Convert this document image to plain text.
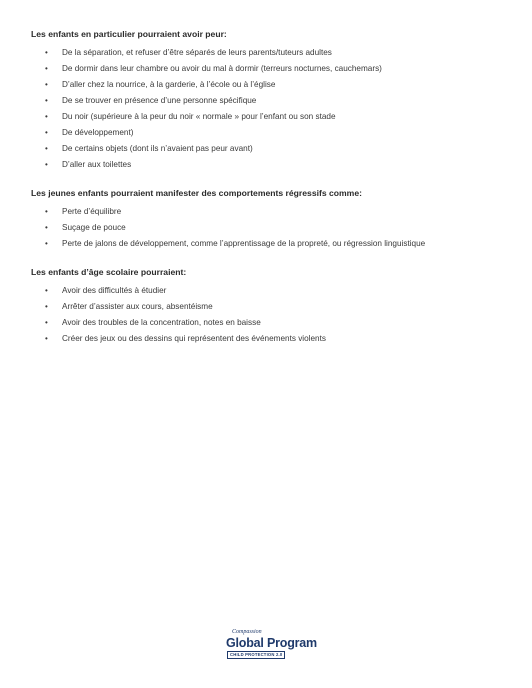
Les enfants en particulier pourraient avoir peur:
• De la séparation, et refuser d’être séparés de leurs parents/tuteurs adultes
• De dormir dans leur chambre ou avoir du mal à dormir (terreurs nocturnes, cauchemars)
• D’aller chez la nourrice, à la garderie, à l’école ou à l’église
• De se trouver en présence d’une personne spécifique
• Du noir (supérieure à la peur du noir « normale » pour l’enfant ou son stade
• De développement)
• De certains objets (dont ils n’avaient pas peur avant)
• D’aller aux toilettes
Les jeunes enfants pourraient manifester des comportements régressifs comme:
• Perte d’équilibre
• Suçage de pouce
• Perte de jalons de développement, comme l’apprentissage de la propreté, ou régression linguistique
Les enfants d’âge scolaire pourraient:
• Avoir des difficultés à étudier
• Arrêter d’assister aux cours, absentéisme
• Avoir des troubles de la concentration, notes en baisse
• Créer des jeux ou des dessins qui représentent des événements violents
Compassion
Global Program
CHILD PROTECTION 2.0
